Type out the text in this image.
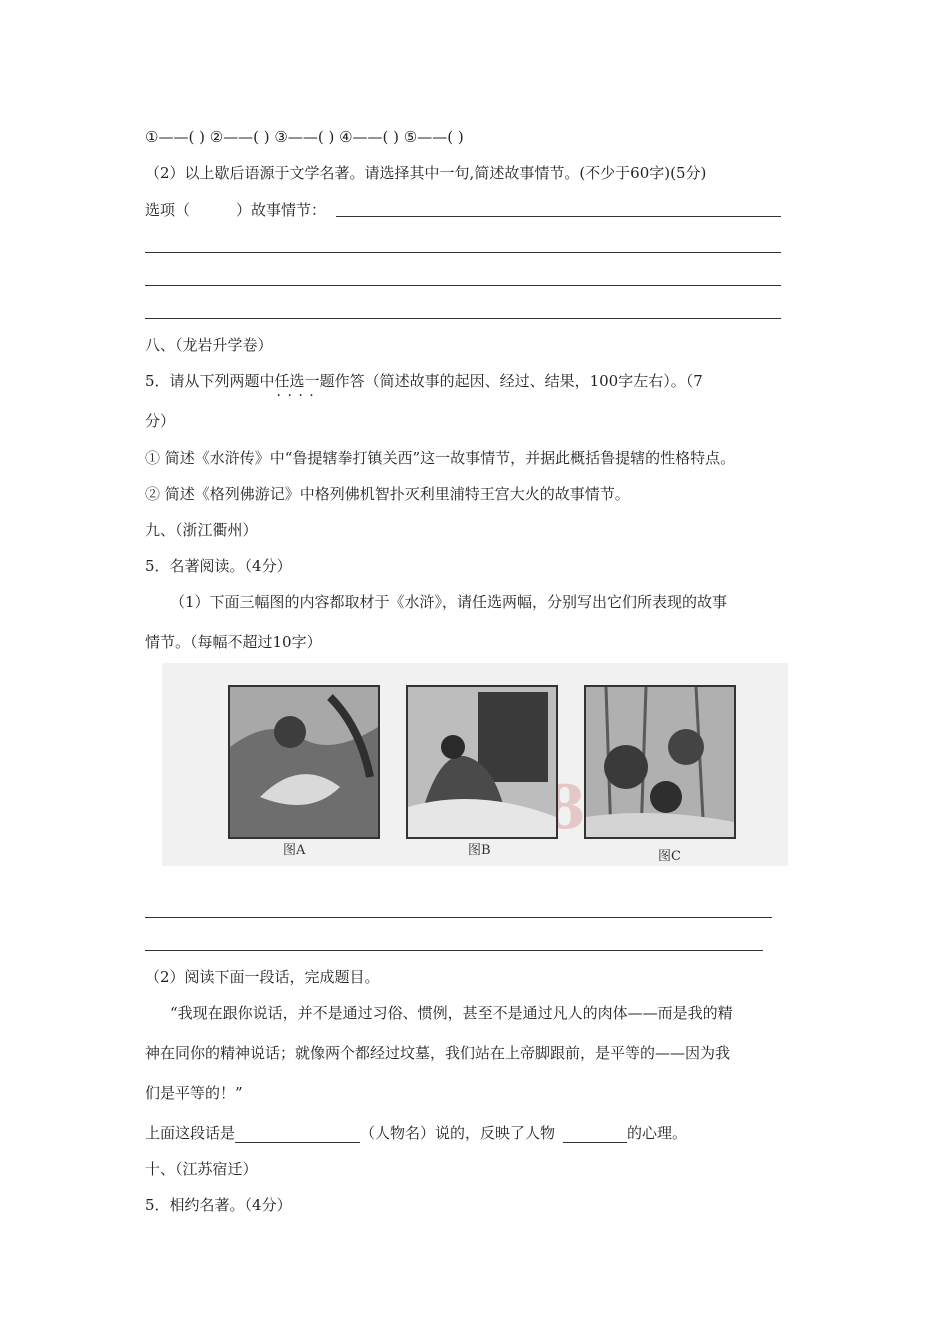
①——( ) ②——( ) ③——( ) ④——( ) ⑤——( )
（2）以上歇后语源于文学名著。请选择其中一句,简述故事情节。(不少于60字)(5分)
选项（	）故事情节：
八、（龙岩升学卷）
5．请从下列两题中任选一 · · · ·题作答（简述故事的起因、经过、结果，100字左右）。（7
分）
① 简述《水浒传》中“鲁提辖拳打镇关西”这一故事情节，并据此概括鲁提辖的性格特点。
② 简述《格列佛游记》中格列佛机智扑灭利里浦特王宫大火的故事情节。
九、（浙江衢州）
5．名著阅读。（4分）
（1）下面三幅图的内容都取材于《水浒》，请任选两幅，分别写出它们所表现的故事
情节。（每幅不超过10字）
图A	图B	图C
（2）阅读下面一段话，完成题目。
“我现在跟你说话，并不是通过习俗、惯例，甚至不是通过凡人的肉体——而是我的精
神在同你的精神说话；就像两个都经过坟墓，我们站在上帝脚跟前，是平等的——因为我
们是平等的！”
上面这段话是	（人物名）说的，反映了人物	的心理。
十、（江苏宿迁）
5．相约名著。（4分）
